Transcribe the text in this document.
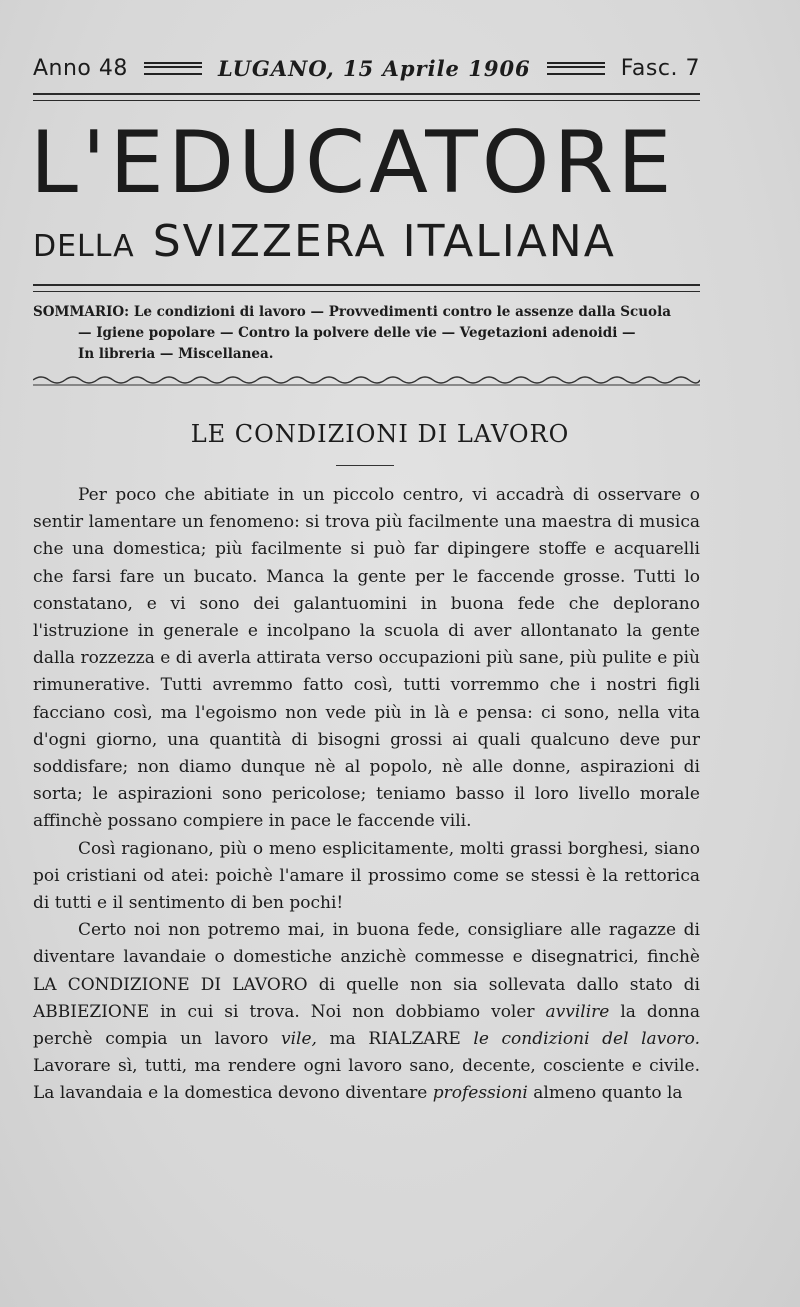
Anno 48	LUGANO, 15 Aprile 1906	Fasc. 7
L'EDUCATORE
DELLA SVIZZERA ITALIANA

SOMMARIO: Le condizioni di lavoro — Provvedimenti contro le assenze dalla Scuola

— Igiene popolare — Contro la polvere delle vie — Vegetazioni adenoidi —

In libreria — Miscellanea.

LE CONDIZIONI DI LAVORO

Per poco che abitiate in un piccolo centro, vi accadrà di osservare o sentir lamentare un fenomeno: si trova più facilmente una maestra di musica che una domestica; più facilmente si può far dipingere stoffe e acquarelli che farsi fare un bucato. Manca la gente per le faccende grosse. Tutti lo constatano, e vi sono dei galantuomini in buona fede che deplorano l'istruzione in generale e incolpano la scuola di aver allontanato la gente dalla rozzezza e di averla attirata verso occupazioni più sane, più pulite e più rimunerative. Tutti avremmo fatto così, tutti vorremmo che i nostri figli facciano così, ma l'egoismo non vede più in là e pensa: ci sono, nella vita d'ogni giorno, una quantità di bisogni grossi ai quali qualcuno deve pur soddisfare; non diamo dunque nè al popolo, nè alle donne, aspirazioni di sorta; le aspirazioni sono pericolose; teniamo basso il loro livello morale affinchè possano compiere in pace le faccende vili.

Così ragionano, più o meno esplicitamente, molti grassi borghesi, siano poi cristiani od atei: poichè l'amare il prossimo come se stessi è la rettorica di tutti e il sentimento di ben pochi!

Certo noi non potremo mai, in buona fede, consigliare alle ragazze di diventare lavandaie o domestiche anzichè commesse e disegnatrici, finchè LA CONDIZIONE DI LAVORO di quelle non sia sollevata dallo stato di ABBIEZIONE in cui si trova. Noi non dobbiamo voler avvilire la donna perchè compia un lavoro vile, ma RIALZARE le condizioni del lavoro. Lavorare sì, tutti, ma rendere ogni lavoro sano, decente, cosciente e civile. La lavandaia e la domestica devono diventare professioni almeno quanto la
